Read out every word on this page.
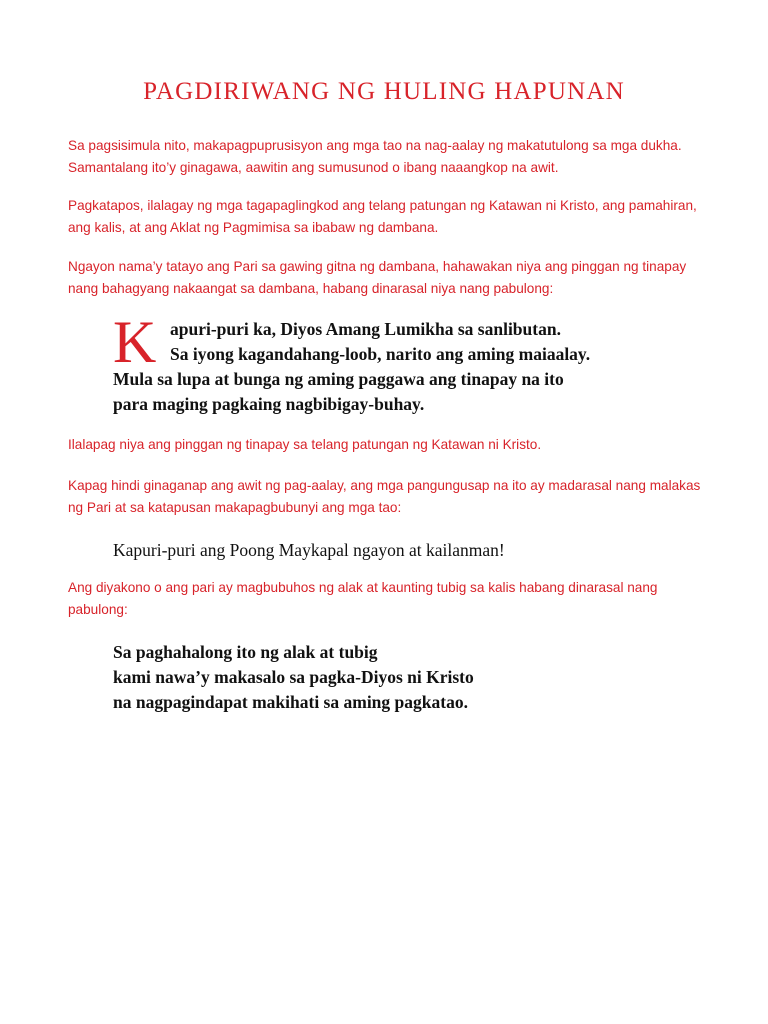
PAGDIRIWANG NG HULING HAPUNAN
Sa pagsisimula nito, makapagpuprusisyon ang mga tao na nag-aalay ng makatutulong sa mga dukha. Samantalang ito’y ginagawa, aawitin ang sumusunod o ibang naaangkop na awit.
Pagkatapos, ilalagay ng mga tagapaglingkod ang telang patungan ng Katawan ni Kristo, ang pamahiran, ang kalis, at ang Aklat ng Pagmimisa sa ibabaw ng dambana.
Ngayon nama’y tatayo ang Pari sa gawing gitna ng dambana, hahawakan niya ang pinggan ng tinapay nang bahagyang nakaangat sa dambana, habang dinarasal niya nang pabulong:
K apuri-puri ka, Diyos Amang Lumikha sa sanlibutan.
Sa iyong kagandahang-loob, narito ang aming maiaalay.
Mula sa lupa at bunga ng aming paggawa ang tinapay na ito
para maging pagkaing nagbibigay-buhay.
Ilalapag niya ang pinggan ng tinapay sa telang patungan ng Katawan ni Kristo.
Kapag hindi ginaganap ang awit ng pag-aalay, ang mga pangungusap na ito ay madarasal nang malakas ng Pari at sa katapusan makapagbubunyi ang mga tao:
Kapuri-puri ang Poong Maykapal ngayon at kailanman!
Ang diyakono o ang pari ay magbubuhos ng alak at kaunting tubig sa kalis habang dinarasal nang pabulong:
Sa paghahalong ito ng alak at tubig
kami nawa’y makasalo sa pagka-Diyos ni Kristo
na nagpagindapat makihati sa aming pagkatao.
